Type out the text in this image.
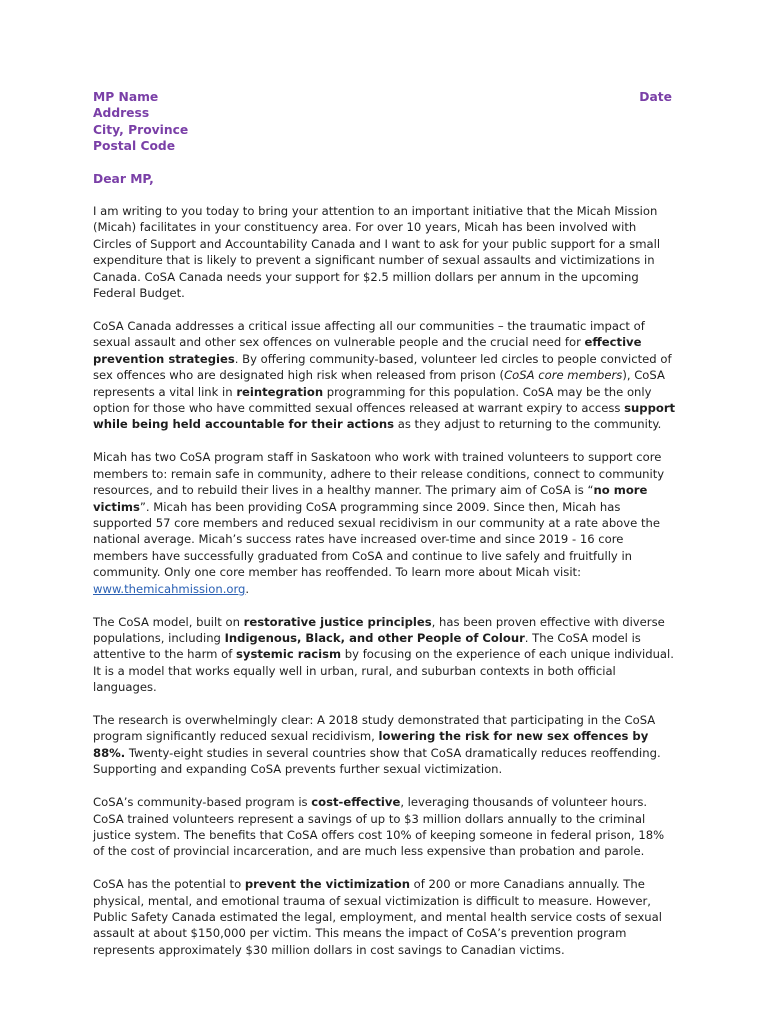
MP Name
Address
City, Province
Postal Code
Date
Dear MP,

I am writing to you today to bring your attention to an important initiative that the Micah Mission (Micah) facilitates in your constituency area. For over 10 years, Micah has been involved with Circles of Support and Accountability Canada and I want to ask for your public support for a small expenditure that is likely to prevent a significant number of sexual assaults and victimizations in Canada. CoSA Canada needs your support for $2.5 million dollars per annum in the upcoming Federal Budget.

CoSA Canada addresses a critical issue affecting all our communities – the traumatic impact of sexual assault and other sex offences on vulnerable people and the crucial need for effective prevention strategies. By offering community-based, volunteer led circles to people convicted of sex offences who are designated high risk when released from prison (CoSA core members), CoSA represents a vital link in reintegration programming for this population. CoSA may be the only option for those who have committed sexual offences released at warrant expiry to access support while being held accountable for their actions as they adjust to returning to the community.

Micah has two CoSA program staff in Saskatoon who work with trained volunteers to support core members to: remain safe in community, adhere to their release conditions, connect to community resources, and to rebuild their lives in a healthy manner. The primary aim of CoSA is “no more victims”. Micah has been providing CoSA programming since 2009. Since then, Micah has supported 57 core members and reduced sexual recidivism in our community at a rate above the national average. Micah’s success rates have increased over-time and since 2019 - 16 core members have successfully graduated from CoSA and continue to live safely and fruitfully in community. Only one core member has reoffended. To learn more about Micah visit: www.themicahmission.org.

The CoSA model, built on restorative justice principles, has been proven effective with diverse populations, including Indigenous, Black, and other People of Colour. The CoSA model is attentive to the harm of systemic racism by focusing on the experience of each unique individual. It is a model that works equally well in urban, rural, and suburban contexts in both official languages.

The research is overwhelmingly clear: A 2018 study demonstrated that participating in the CoSA program significantly reduced sexual recidivism, lowering the risk for new sex offences by 88%. Twenty-eight studies in several countries show that CoSA dramatically reduces reoffending. Supporting and expanding CoSA prevents further sexual victimization.

CoSA’s community-based program is cost-effective, leveraging thousands of volunteer hours. CoSA trained volunteers represent a savings of up to $3 million dollars annually to the criminal justice system. The benefits that CoSA offers cost 10% of keeping someone in federal prison, 18% of the cost of provincial incarceration, and are much less expensive than probation and parole.

CoSA has the potential to prevent the victimization of 200 or more Canadians annually. The physical, mental, and emotional trauma of sexual victimization is difficult to measure. However, Public Safety Canada estimated the legal, employment, and mental health service costs of sexual assault at about $150,000 per victim. This means the impact of CoSA’s prevention program represents approximately $30 million dollars in cost savings to Canadian victims.
